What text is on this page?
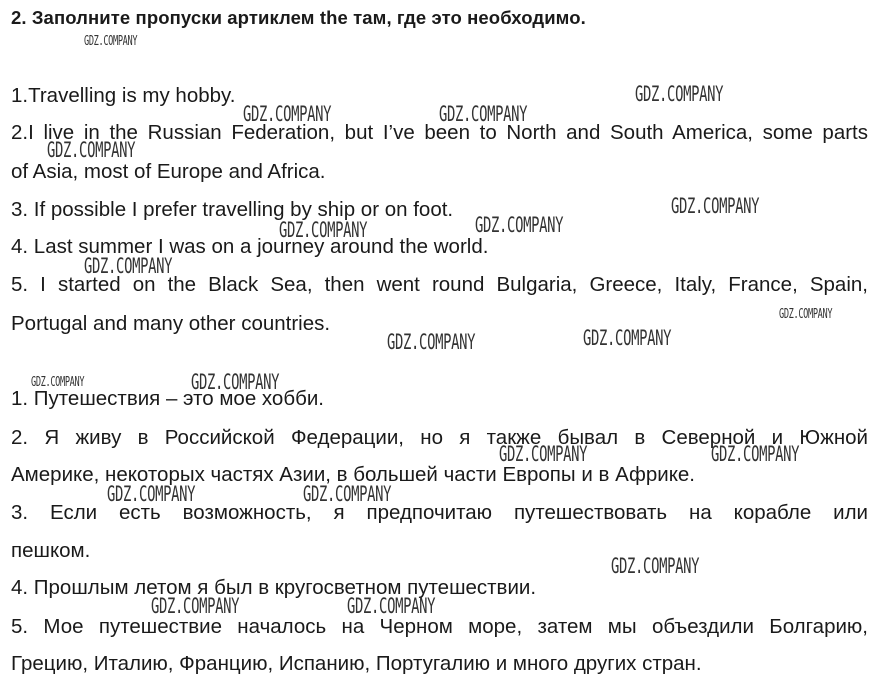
2. Заполните пропуски артиклем the там, где это необходимо.
1.Travelling is my hobby.
2.I live in the Russian Federation, but I’ve been to North and South America, some parts
of Asia, most of Europe and Africa.
3. If possible I prefer travelling by ship or on foot.
4. Last summer I was on a journey around the world.
5. I started on the Black Sea, then went round Bulgaria, Greece, Italy, France, Spain,
Portugal and many other countries.
1. Путешествия – это мое хобби.
2. Я живу в Российской Федерации, но я также бывал в Северной и Южной
Америке, некоторых частях Азии, в большей части Европы и в Африке.
3. Если есть возможность, я предпочитаю путешествовать на корабле или
пешком.
4. Прошлым летом я был в кругосветном путешествии.
5. Мое путешествие началось на Черном море, затем мы объездили Болгарию,
Грецию, Италию, Францию, Испанию, Португалию и много других стран.
GDZ.COMPANY
GDZ.COMPANY
GDZ.COMPANY	GDZ.COMPANY
GDZ.COMPANY
GDZ.COMPANY
GDZ.COMPANY	GDZ.COMPANY
GDZ.COMPANY
GDZ.COMPANY
GDZ.COMPANY
GDZ.COMPANY
GDZ.COMPANY	GDZ.COMPANY
GDZ.COMPANY	GDZ.COMPANY
GDZ.COMPANY	GDZ.COMPANY
GDZ.COMPANY
GDZ.COMPANY	GDZ.COMPANY
